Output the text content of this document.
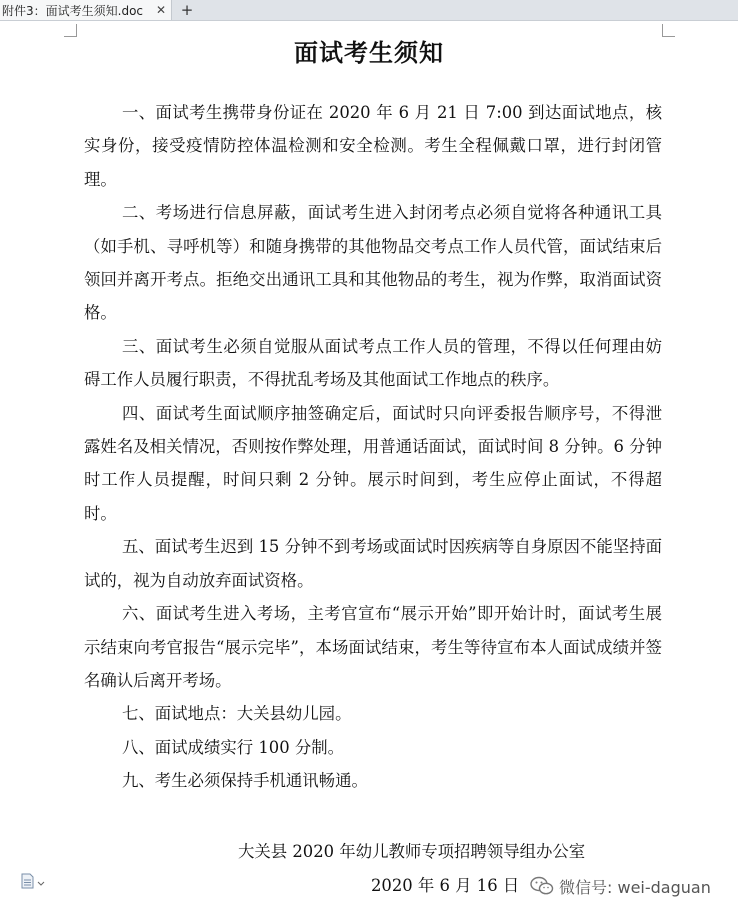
附件3：面试考生须知.doc	✕ +
面试考生须知

一、面试考生携带身份证在 2020 年 6 月 21 日 7:00 到达面试地点，核实身份，接受疫情防控体温检测和安全检测。考生全程佩戴口罩，进行封闭管理。

二、考场进行信息屏蔽，面试考生进入封闭考点必须自觉将各种通讯工具（如手机、寻呼机等）和随身携带的其他物品交考点工作人员代管，面试结束后领回并离开考点。拒绝交出通讯工具和其他物品的考生，视为作弊，取消面试资格。

三、面试考生必须自觉服从面试考点工作人员的管理，不得以任何理由妨碍工作人员履行职责，不得扰乱考场及其他面试工作地点的秩序。

四、面试考生面试顺序抽签确定后，面试时只向评委报告顺序号，不得泄露姓名及相关情况，否则按作弊处理，用普通话面试，面试时间 8 分钟。6 分钟时工作人员提醒，时间只剩 2 分钟。展示时间到，考生应停止面试，不得超时。

五、面试考生迟到 15 分钟不到考场或面试时因疾病等自身原因不能坚持面试的，视为自动放弃面试资格。

六、面试考生进入考场，主考官宣布“展示开始”即开始计时，面试考生展示结束向考官报告“展示完毕”，本场面试结束，考生等待宣布本人面试成绩并签名确认后离开考场。

七、面试地点：大关县幼儿园。

八、面试成绩实行 100 分制。

九、考生必须保持手机通讯畅通。

大关县 2020 年幼儿教师专项招聘领导组办公室
2020 年 6 月 16 日 微信号: wei-daguan
